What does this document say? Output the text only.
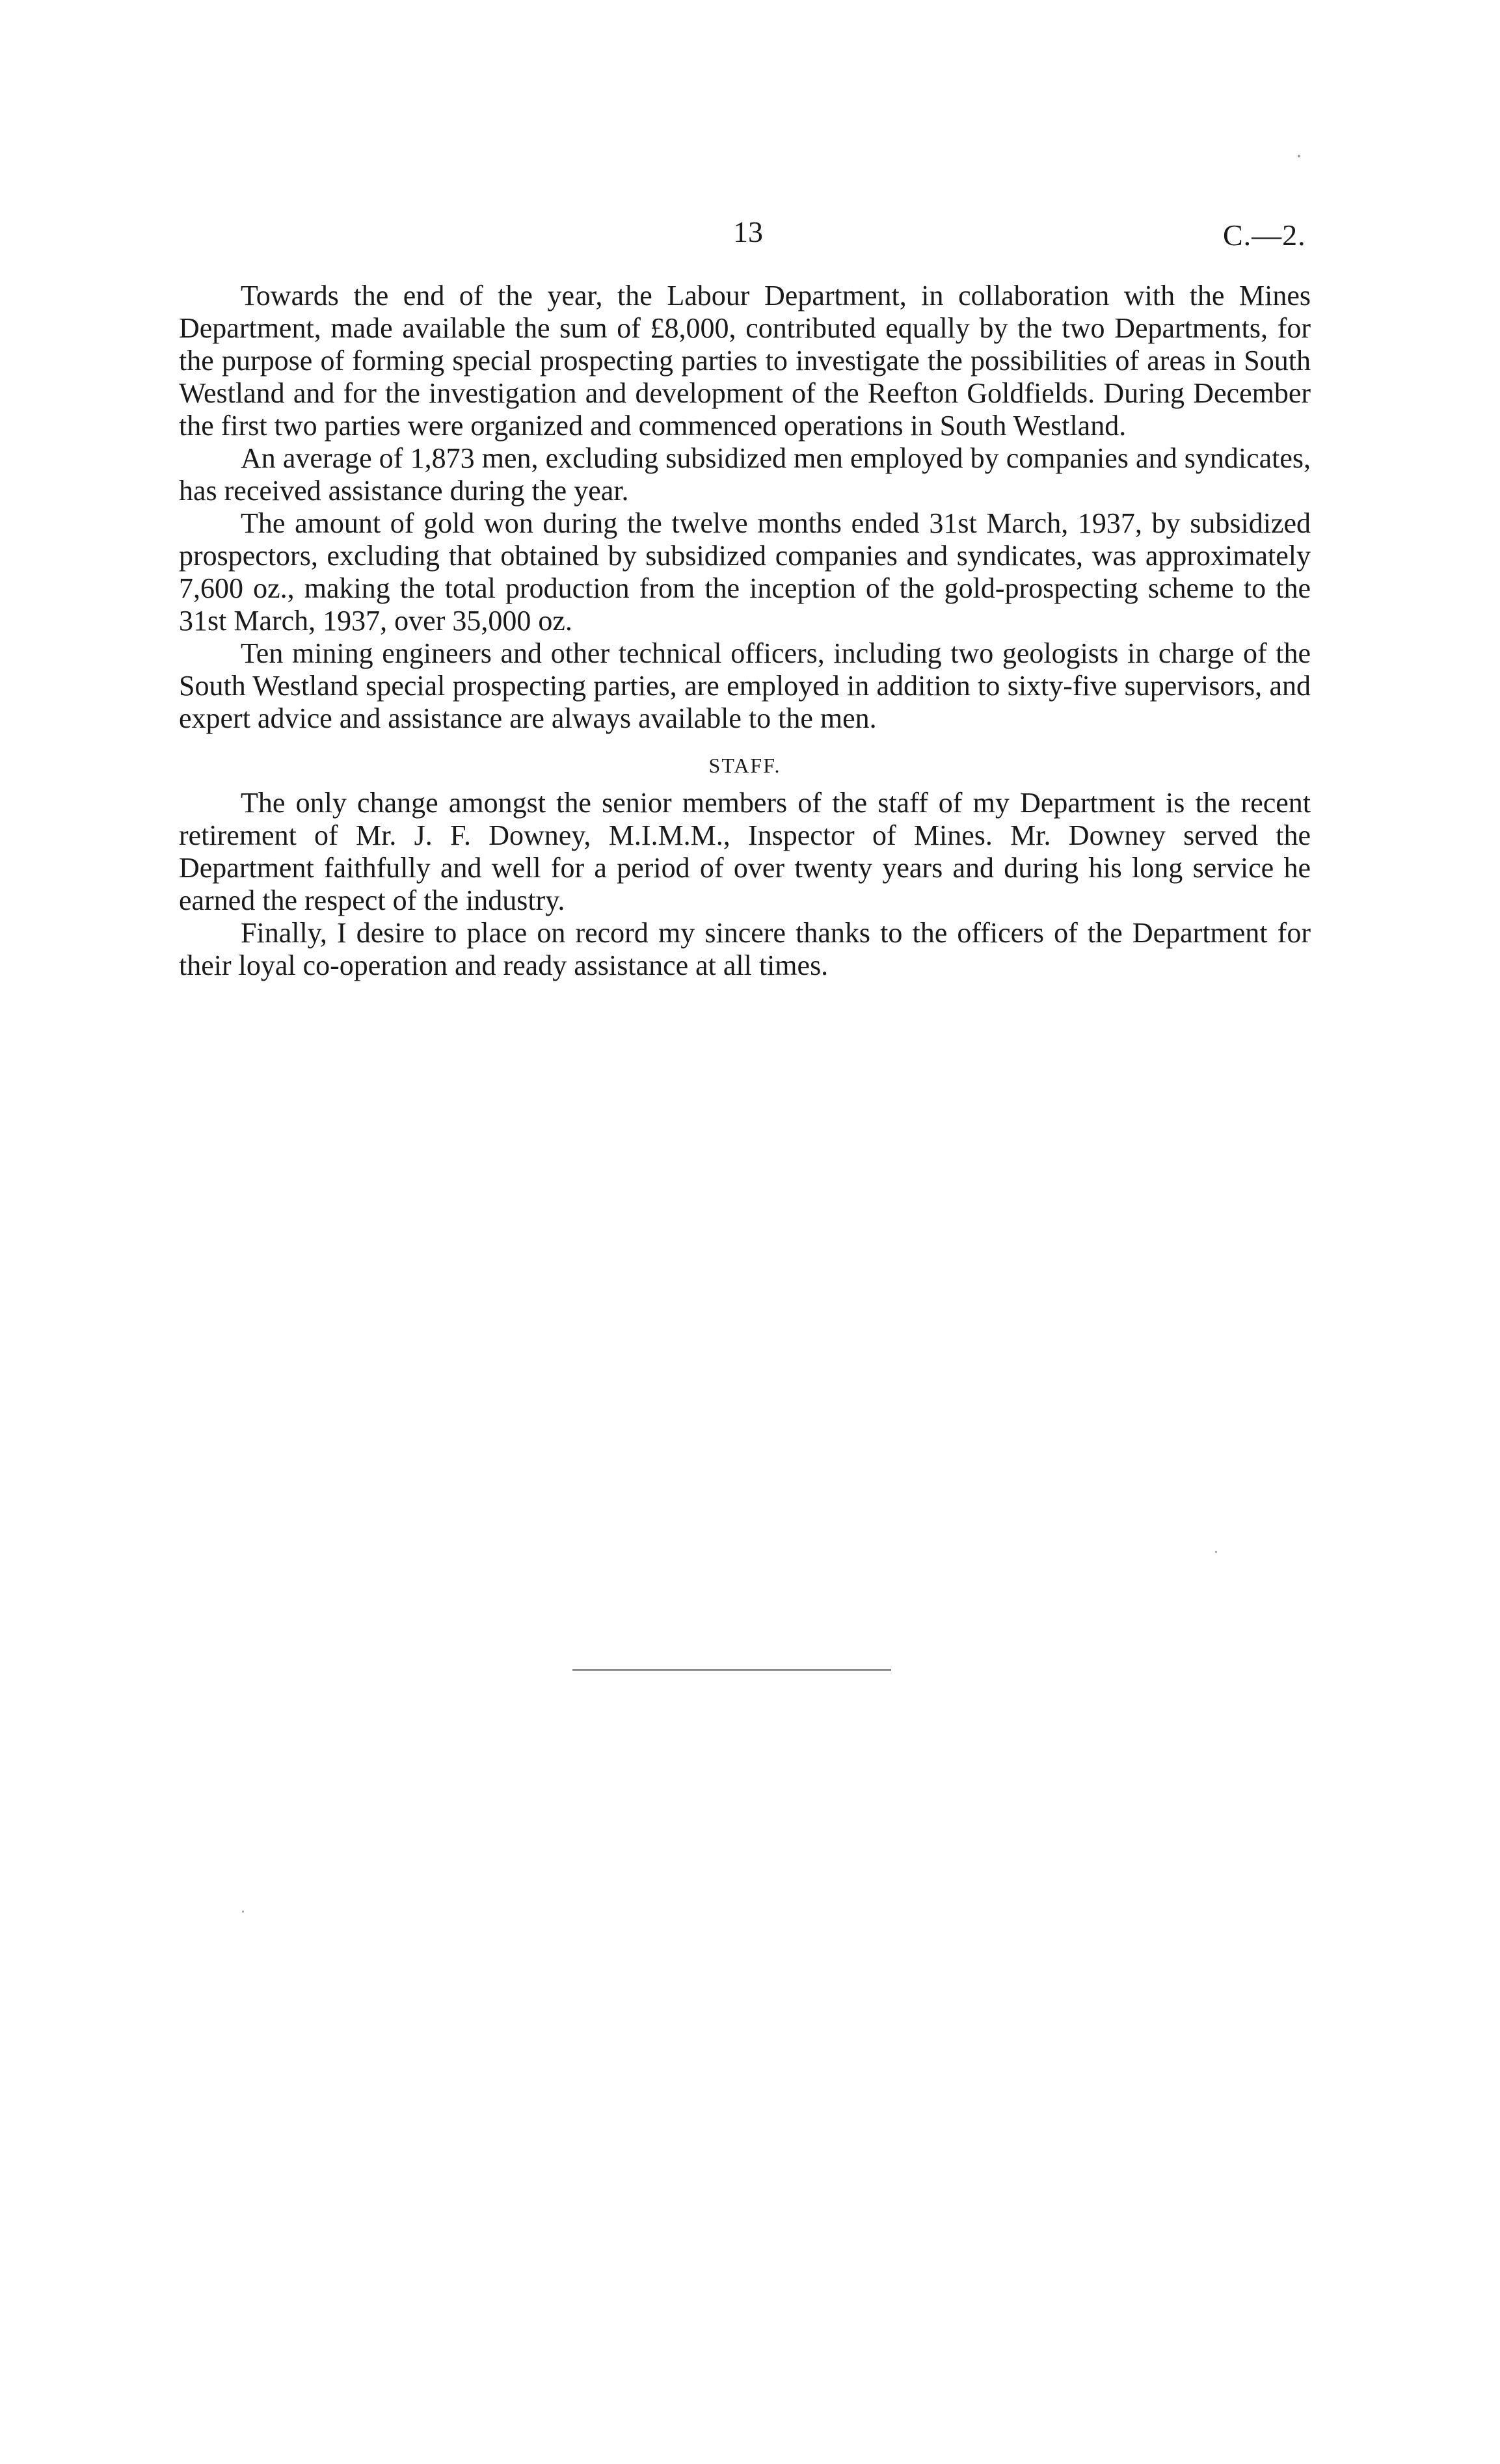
13	C.—2.

Towards the end of the year, the Labour Department, in collaboration with the Mines Department, made available the sum of £8,000, contributed equally by the two Departments, for the purpose of forming special prospecting parties to investigate the possibilities of areas in South Westland and for the investigation and development of the Reefton Goldfields. During December the first two parties were organized and commenced operations in South Westland.

An average of 1,873 men, excluding subsidized men employed by companies and syndicates, has received assistance during the year.

The amount of gold won during the twelve months ended 31st March, 1937, by subsidized prospectors, excluding that obtained by subsidized companies and syndicates, was approximately 7,600 oz., making the total production from the inception of the gold-prospecting scheme to the 31st March, 1937, over 35,000 oz.

Ten mining engineers and other technical officers, including two geologists in charge of the South Westland special prospecting parties, are employed in addition to sixty-five supervisors, and expert advice and assistance are always available to the men.

STAFF.

The only change amongst the senior members of the staff of my Department is the recent retirement of Mr. J. F. Downey, M.I.M.M., Inspector of Mines. Mr. Downey served the Department faithfully and well for a period of over twenty years and during his long service he earned the respect of the industry.

Finally, I desire to place on record my sincere thanks to the officers of the Department for their loyal co-operation and ready assistance at all times.
